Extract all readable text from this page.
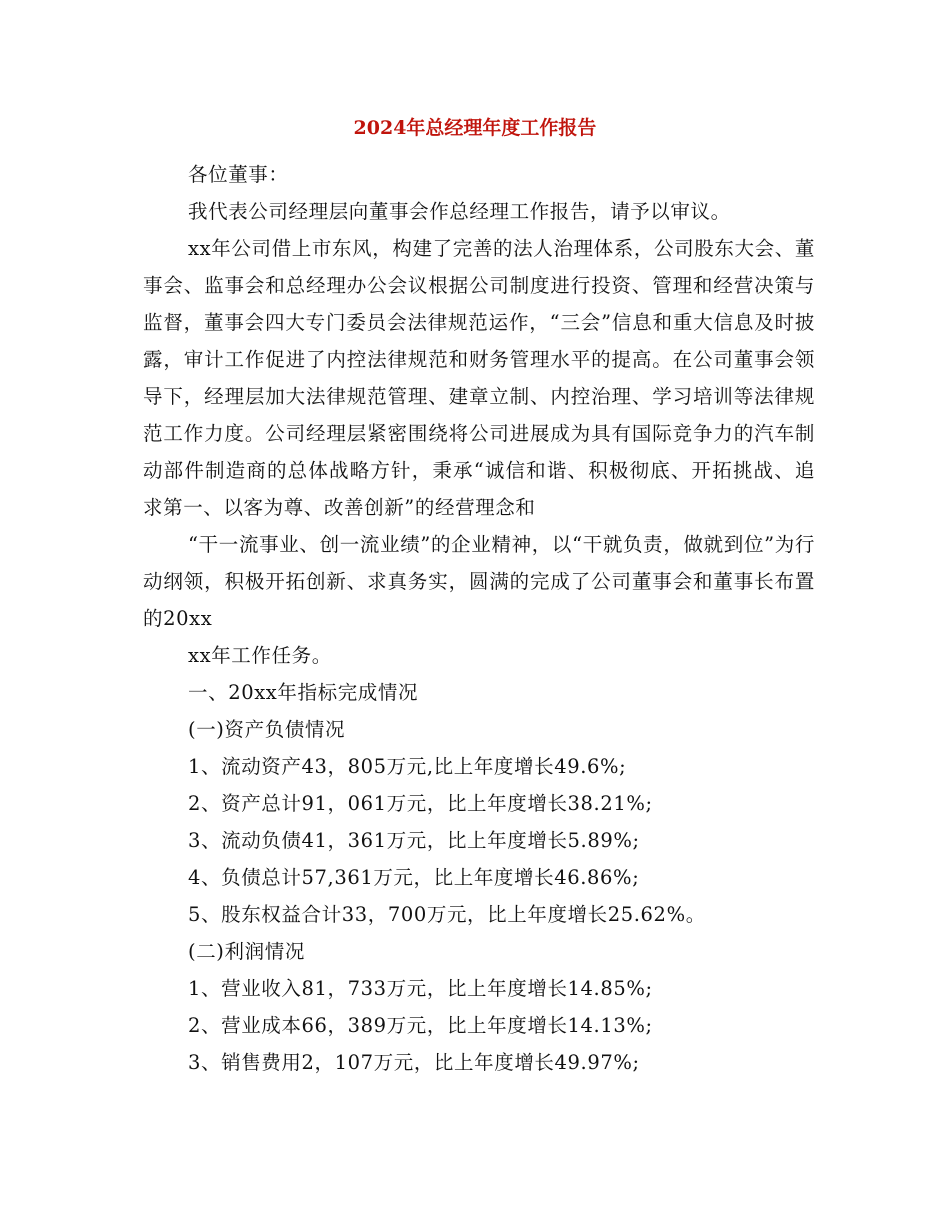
2024年总经理年度工作报告

各位董事：

我代表公司经理层向董事会作总经理工作报告，请予以审议。

xx年公司借上市东风，构建了完善的法人治理体系，公司股东大会、董事会、监事会和总经理办公会议根据公司制度进行投资、管理和经营决策与监督，董事会四大专门委员会法律规范运作，“三会”信息和重大信息及时披露，审计工作促进了内控法律规范和财务管理水平的提高。在公司董事会领导下，经理层加大法律规范管理、建章立制、内控治理、学习培训等法律规范工作力度。公司经理层紧密围绕将公司进展成为具有国际竞争力的汽车制动部件制造商的总体战略方针，秉承“诚信和谐、积极彻底、开拓挑战、追求第一、以客为尊、改善创新”的经营理念和

“干一流事业、创一流业绩”的企业精神，以“干就负责，做就到位”为行动纲领，积极开拓创新、求真务实，圆满的完成了公司董事会和董事长布置的20xx

xx年工作任务。

一、20xx年指标完成情况

(一)资产负债情况

1、流动资产43，805万元,比上年度增长49.6%;

2、资产总计91，061万元，比上年度增长38.21%;

3、流动负债41，361万元，比上年度增长5.89%;

4、负债总计57,361万元，比上年度增长46.86%;

5、股东权益合计33，700万元，比上年度增长25.62%。

(二)利润情况

1、营业收入81，733万元，比上年度增长14.85%;

2、营业成本66，389万元，比上年度增长14.13%;

3、销售费用2，107万元，比上年度增长49.97%;
